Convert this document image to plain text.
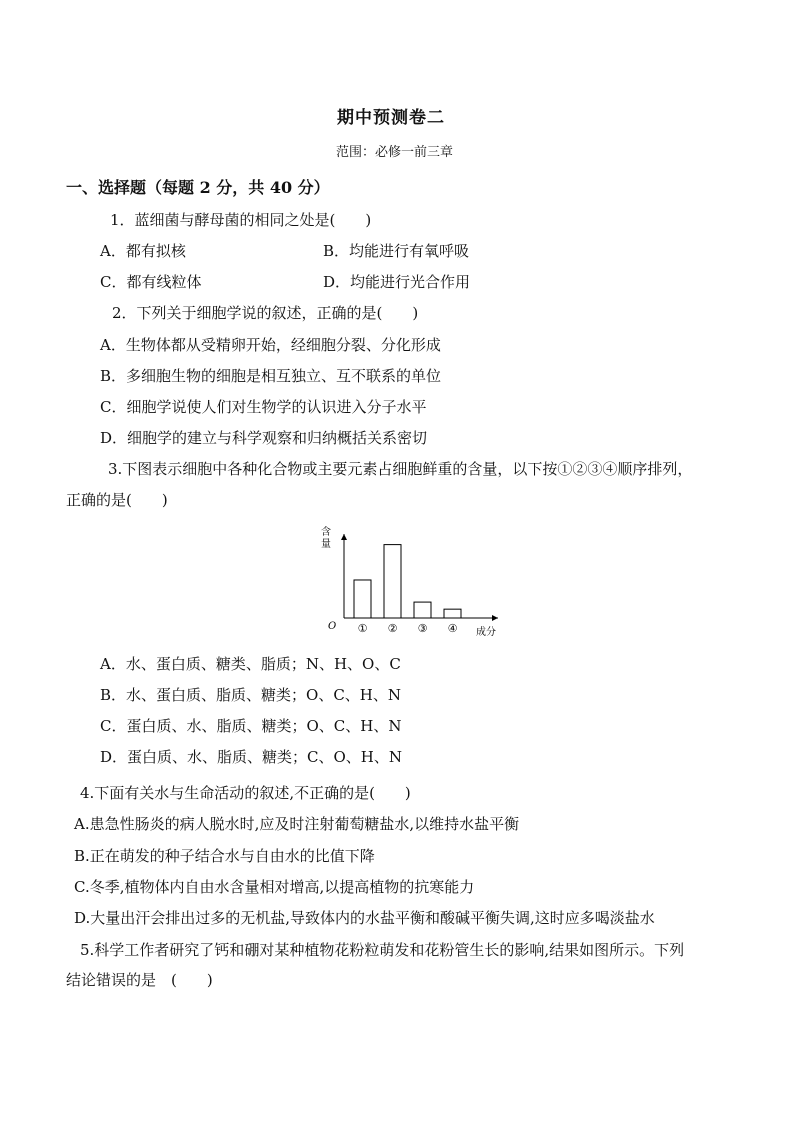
期中预测卷二
范围：必修一前三章
一、选择题（每题 2 分，共 40 分）
1．蓝细菌与酵母菌的相同之处是(　　)
A．都有拟核	B．均能进行有氧呼吸
C．都有线粒体	D．均能进行光合作用
2．下列关于细胞学说的叙述，正确的是(　　)
A．生物体都从受精卵开始，经细胞分裂、分化形成
B．多细胞生物的细胞是相互独立、互不联系的单位
C．细胞学说使人们对生物学的认识进入分子水平
D．细胞学的建立与科学观察和归纳概括关系密切
3.下图表示细胞中各种化合物或主要元素占细胞鲜重的含量，以下按①②③④顺序排列，
正确的是(　　)
含
量
O
成分
① ② ③ ④
A．水、蛋白质、糖类、脂质；N、H、O、C
B．水、蛋白质、脂质、糖类；O、C、H、N
C．蛋白质、水、脂质、糖类；O、C、H、N
D．蛋白质、水、脂质、糖类；C、O、H、N
4.下面有关水与生命活动的叙述,不正确的是(　　)
A.患急性肠炎的病人脱水时,应及时注射葡萄糖盐水,以维持水盐平衡
B.正在萌发的种子结合水与自由水的比值下降
C.冬季,植物体内自由水含量相对增高,以提高植物的抗寒能力
D.大量出汗会排出过多的无机盐,导致体内的水盐平衡和酸碱平衡失调,这时应多喝淡盐水
5.科学工作者研究了钙和硼对某种植物花粉粒萌发和花粉管生长的影响,结果如图所示。下列
结论错误的是　(　　)
